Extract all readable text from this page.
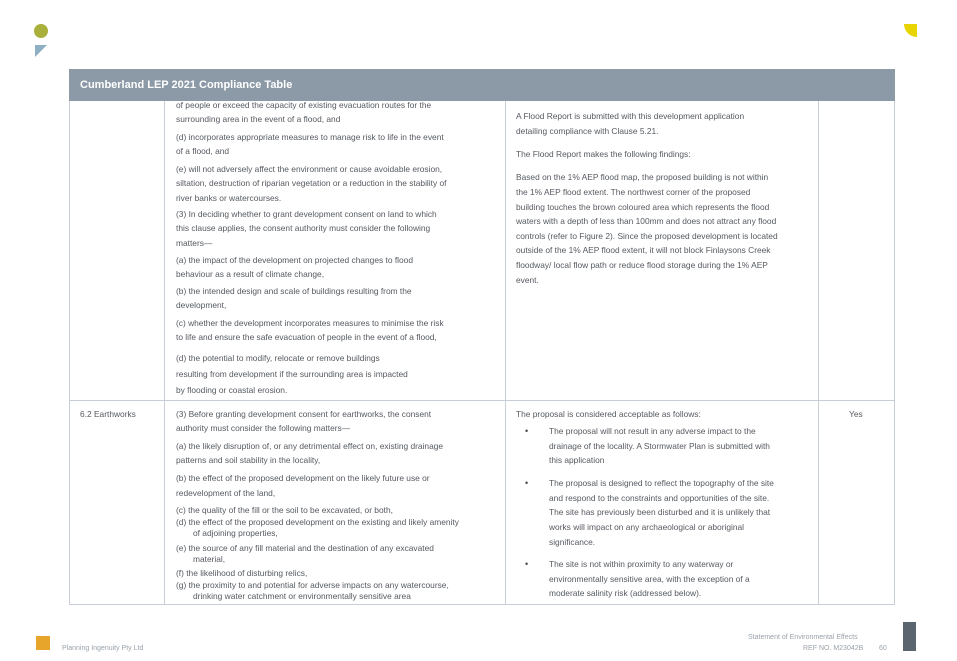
Cumberland LEP 2021 Compliance Table
of people or exceed the capacity of existing evacuation routes for the
surrounding area in the event of a flood, and
(d) incorporates appropriate measures to manage risk to life in the event
of a flood, and
(e) will not adversely affect the environment or cause avoidable erosion,
siltation, destruction of riparian vegetation or a reduction in the stability of
river banks or watercourses.
(3) In deciding whether to grant development consent on land to which
this clause applies, the consent authority must consider the following
matters—
(a) the impact of the development on projected changes to flood
behaviour as a result of climate change,
(b) the intended design and scale of buildings resulting from the
development,
(c) whether the development incorporates measures to minimise the risk
to life and ensure the safe evacuation of people in the event of a flood,
(d) the potential to modify, relocate or remove buildings
resulting from development if the surrounding area is impacted
by flooding or coastal erosion.
A Flood Report is submitted with this development application
detailing compliance with Clause 5.21.
The Flood Report makes the following findings:
Based on the 1% AEP flood map, the proposed building is not within
the 1% AEP flood extent. The northwest corner of the proposed
building touches the brown coloured area which represents the flood
waters with a depth of less than 100mm and does not attract any flood
controls (refer to Figure 2). Since the proposed development is located
outside of the 1% AEP flood extent, it will not block Finlaysons Creek
floodway/ local flow path or reduce flood storage during the 1% AEP
event.
6.2 Earthworks	(3) Before granting development consent for earthworks, the consent
authority must consider the following matters—
(a) the likely disruption of, or any detrimental effect on, existing drainage
patterns and soil stability in the locality,
(b) the effect of the proposed development on the likely future use or
redevelopment of the land,
(c) the quality of the fill or the soil to be excavated, or both,
(d) the effect of the proposed development on the existing and likely amenity
of adjoining properties,
(e) the source of any fill material and the destination of any excavated
material,
(f) the likelihood of disturbing relics,
(g) the proximity to and potential for adverse impacts on any watercourse,
drinking water catchment or environmentally sensitive area
The proposal is considered acceptable as follows:
• The proposal will not result in any adverse impact to the
drainage of the locality. A Stormwater Plan is submitted with
this application
• The proposal is designed to reflect the topography of the site
and respond to the constraints and opportunities of the site.
The site has previously been disturbed and it is unlikely that
works will impact on any archaeological or aboriginal
significance.
• The site is not within proximity to any waterway or
environmentally sensitive area, with the exception of a
moderate salinity risk (addressed below).
Yes
Planning Ingenuity Pty Ltd
Statement of Environmental Effects
REF NO. M23042B 60
